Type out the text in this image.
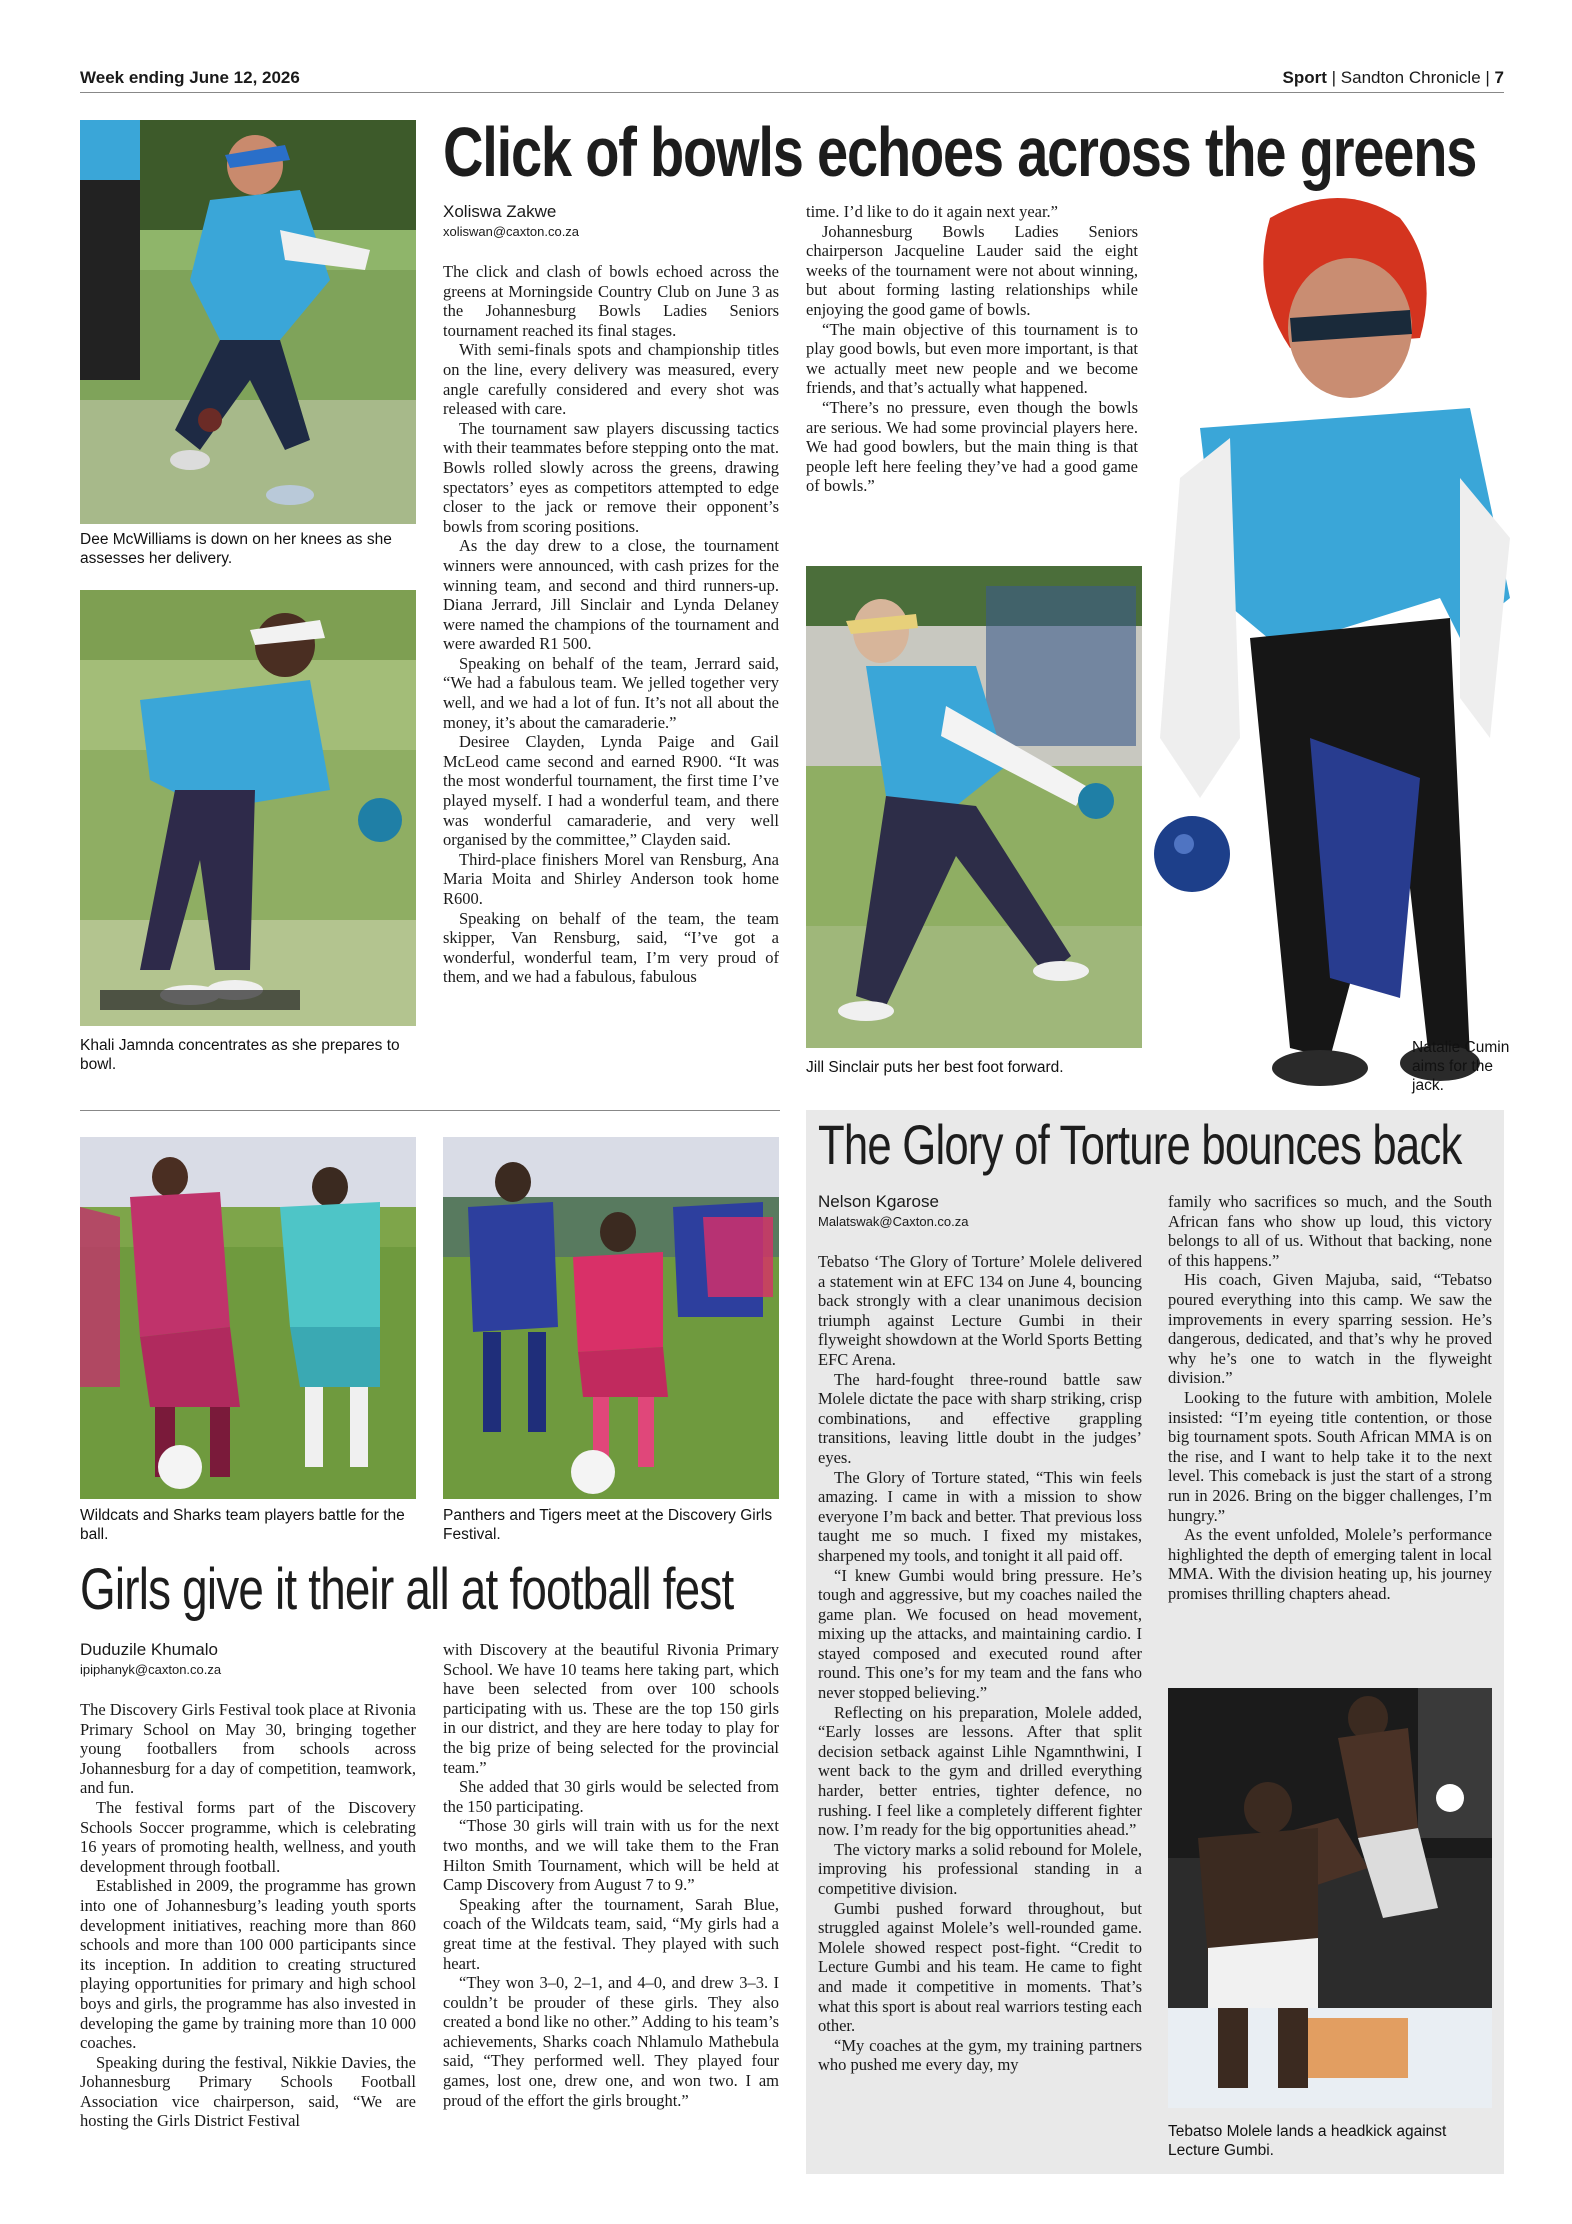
Week ending June 12, 2026	Sport | Sandton Chronicle | 7
Dee McWilliams is down on her knees as she assesses her delivery.
Khali Jamnda concentrates as she prepares to bowl.
Click of bowls echoes across the greens
Xoliswa Zakwe
xoliswan@caxton.co.za

The click and clash of bowls echoed across the greens at Morningside Country Club on June 3 as the Johannesburg Bowls Ladies Seniors tournament reached its final stages.

With semi-finals spots and championship titles on the line, every delivery was measured, every angle carefully considered and every shot was released with care.

The tournament saw players discussing tactics with their teammates before stepping onto the mat. Bowls rolled slowly across the greens, drawing spectators’ eyes as competitors attempted to edge closer to the jack or remove their opponent’s bowls from scoring positions.

As the day drew to a close, the tournament winners were announced, with cash prizes for the winning team, and second and third runners-up. Diana Jerrard, Jill Sinclair and Lynda Delaney were named the champions of the tournament and were awarded R1 500.

Speaking on behalf of the team, Jerrard said, “We had a fabulous team. We jelled together very well, and we had a lot of fun. It’s not all about the money, it’s about the camaraderie.”

Desiree Clayden, Lynda Paige and Gail McLeod came second and earned R900. “It was the most wonderful tournament, the first time I’ve played myself. I had a wonderful team, and there was wonderful camaraderie, and very well organised by the committee,” Clayden said.

Third-place finishers Morel van Rensburg, Ana Maria Moita and Shirley Anderson took home R600.

Speaking on behalf of the team, the team skipper, Van Rensburg, said, “I’ve got a wonderful, wonderful team, I’m very proud of them, and we had a fabulous, fabulous

time. I’d like to do it again next year.”

Johannesburg Bowls Ladies Seniors chairperson Jacqueline Lauder said the eight weeks of the tournament were not about winning, but about forming lasting relationships while enjoying the good game of bowls.

“The main objective of this tournament is to play good bowls, but even more important, is that we actually meet new people and we become friends, and that’s actually what happened.

“There’s no pressure, even though the bowls are serious. We had some provincial players here. We had good bowlers, but the main thing is that people left here feeling they’ve had a good game of bowls.”

Jill Sinclair puts her best foot forward.
Natalie Cumin aims for the jack.
Wildcats and Sharks team players battle for the ball.
Panthers and Tigers meet at the Discovery Girls Festival.
Girls give it their all at football fest
Duduzile Khumalo
ipiphanyk@caxton.co.za

The Discovery Girls Festival took place at Rivonia Primary School on May 30, bringing together young footballers from schools across Johannesburg for a day of competition, teamwork, and fun.

The festival forms part of the Discovery Schools Soccer programme, which is celebrating 16 years of promoting health, wellness, and youth development through football.

Established in 2009, the programme has grown into one of Johannesburg’s leading youth sports development initiatives, reaching more than 860 schools and more than 100 000 participants since its inception. In addition to creating structured playing opportunities for primary and high school boys and girls, the programme has also invested in developing the game by training more than 10 000 coaches.

Speaking during the festival, Nikkie Davies, the Johannesburg Primary Schools Football Association vice chairperson, said, “We are hosting the Girls District Festival

with Discovery at the beautiful Rivonia Primary School. We have 10 teams here taking part, which have been selected from over 100 schools participating with us. These are the top 150 girls in our district, and they are here today to play for the big prize of being selected for the provincial team.”

She added that 30 girls would be selected from the 150 participating.

“Those 30 girls will train with us for the next two months, and we will take them to the Fran Hilton Smith Tournament, which will be held at Camp Discovery from August 7 to 9.”

Speaking after the tournament, Sarah Blue, coach of the Wildcats team, said, “My girls had a great time at the festival. They played with such heart.

“They won 3–0, 2–1, and 4–0, and drew 3–3. I couldn’t be prouder of these girls. They also created a bond like no other.” Adding to his team’s achievements, Sharks coach Nhlamulo Mathebula said, “They performed well. They played four games, lost one, drew one, and won two. I am proud of the effort the girls brought.”

The Glory of Torture bounces back
Nelson Kgarose
Malatswak@Caxton.co.za

Tebatso ‘The Glory of Torture’ Molele delivered a statement win at EFC 134 on June 4, bouncing back strongly with a clear unanimous decision triumph against Lecture Gumbi in their flyweight showdown at the World Sports Betting EFC Arena.

The hard-fought three-round battle saw Molele dictate the pace with sharp striking, crisp combinations, and effective grappling transitions, leaving little doubt in the judges’ eyes.

The Glory of Torture stated, “This win feels amazing. I came in with a mission to show everyone I’m back and better. That previous loss taught me so much. I fixed my mistakes, sharpened my tools, and tonight it all paid off.

“I knew Gumbi would bring pressure. He’s tough and aggressive, but my coaches nailed the game plan. We focused on head movement, mixing up the attacks, and maintaining cardio. I stayed composed and executed round after round. This one’s for my team and the fans who never stopped believing.”

Reflecting on his preparation, Molele added, “Early losses are lessons. After that split decision setback against Lihle Ngamnthwini, I went back to the gym and drilled everything harder, better entries, tighter defence, no rushing. I feel like a completely different fighter now. I’m ready for the big opportunities ahead.”

The victory marks a solid rebound for Molele, improving his professional standing in a competitive division.

Gumbi pushed forward throughout, but struggled against Molele’s well-rounded game. Molele showed respect post-fight. “Credit to Lecture Gumbi and his team. He came to fight and made it competitive in moments. That’s what this sport is about real warriors testing each other.

“My coaches at the gym, my training partners who pushed me every day, my

family who sacrifices so much, and the South African fans who show up loud, this victory belongs to all of us. Without that backing, none of this happens.”

His coach, Given Majuba, said, “Tebatso poured everything into this camp. We saw the improvements in every sparring session. He’s dangerous, dedicated, and that’s why he proved why he’s one to watch in the flyweight division.”

Looking to the future with ambition, Molele insisted: “I’m eyeing title contention, or those big tournament spots. South African MMA is on the rise, and I want to help take it to the next level. This comeback is just the start of a strong run in 2026. Bring on the bigger challenges, I’m hungry.”

As the event unfolded, Molele’s performance highlighted the depth of emerging talent in local MMA. With the division heating up, his journey promises thrilling chapters ahead.

Tebatso Molele lands a headkick against Lecture Gumbi.
